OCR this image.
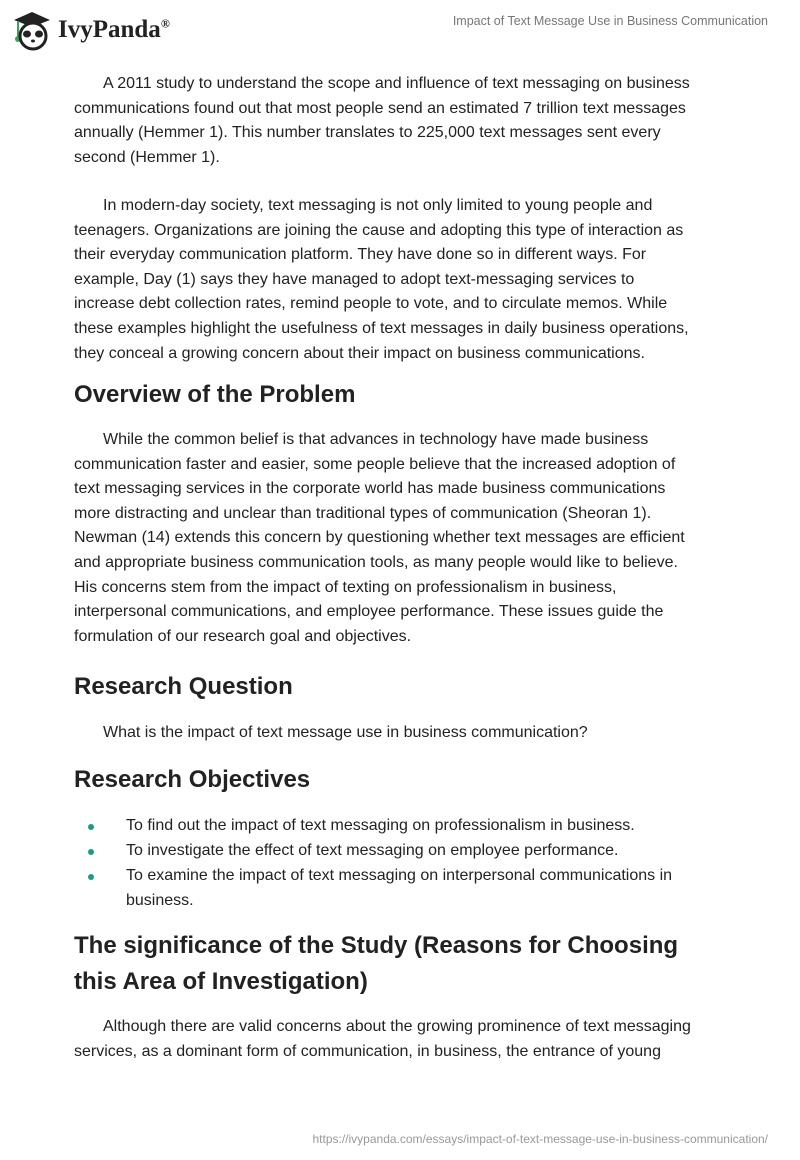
IvyPanda®	Impact of Text Message Use in Business Communication
A 2011 study to understand the scope and influence of text messaging on business
communications found out that most people send an estimated 7 trillion text messages
annually (Hemmer 1). This number translates to 225,000 text messages sent every
second (Hemmer 1).
In modern-day society, text messaging is not only limited to young people and
teenagers. Organizations are joining the cause and adopting this type of interaction as
their everyday communication platform. They have done so in different ways. For
example, Day (1) says they have managed to adopt text-messaging services to
increase debt collection rates, remind people to vote, and to circulate memos. While
these examples highlight the usefulness of text messages in daily business operations,
they conceal a growing concern about their impact on business communications.
Overview of the Problem
While the common belief is that advances in technology have made business
communication faster and easier, some people believe that the increased adoption of
text messaging services in the corporate world has made business communications
more distracting and unclear than traditional types of communication (Sheoran 1).
Newman (14) extends this concern by questioning whether text messages are efficient
and appropriate business communication tools, as many people would like to believe.
His concerns stem from the impact of texting on professionalism in business,
interpersonal communications, and employee performance. These issues guide the
formulation of our research goal and objectives.
Research Question
What is the impact of text message use in business communication?
Research Objectives
To find out the impact of text messaging on professionalism in business.
To investigate the effect of text messaging on employee performance.
To examine the impact of text messaging on interpersonal communications in
business.
The significance of the Study (Reasons for Choosing
this Area of Investigation)
Although there are valid concerns about the growing prominence of text messaging
services, as a dominant form of communication, in business, the entrance of young
https://ivypanda.com/essays/impact-of-text-message-use-in-business-communication/
